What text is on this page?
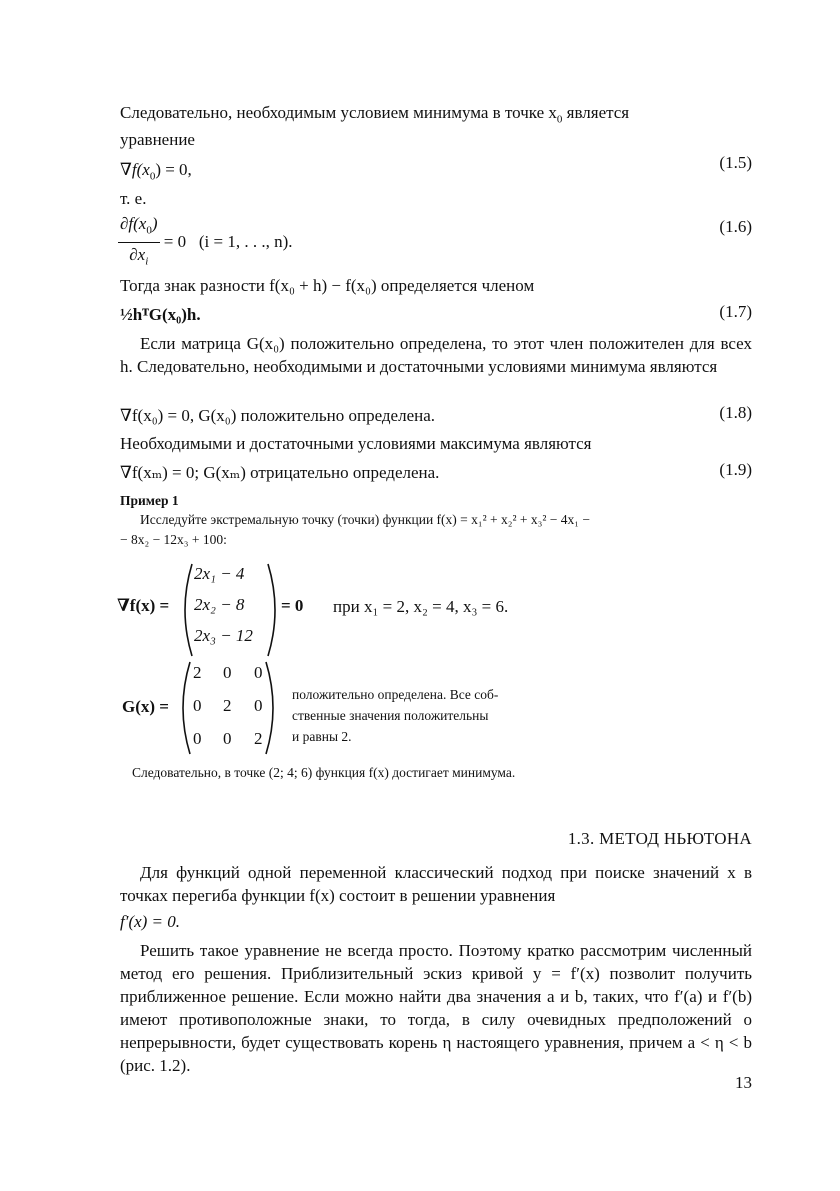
Следовательно, необходимым условием минимума в точке $x_0$ является
уравнение
$\nabla f(x_0) = 0$,	(1.5)
т. е.
$\frac{\partial f(x_0)}{\partial x_i} = 0$   (i = 1, . . ., n).
(1.6)
Тогда знак разности f(x₀ + h) − f(x₀) определяется членом
½hᵀG(x₀)h.	(1.7)
Если матрица G(x₀) положительно определена, то этот член положителен для всех h. Следовательно, необходимыми и достаточными условиями минимума являются
∇f(x₀) = 0, G(x₀) положительно определена.	(1.8)
Необходимыми и достаточными условиями максимума являются
∇f(xₘ) = 0; G(xₘ) отрицательно определена.	(1.9)
Пример 1
Исследуйте экстремальную точку (точки) функции f(x) = x₁² + x₂² + x₃² − 4x₁ −
− 8x₂ − 12x₃ + 100:
∇f(x) =
2x₁ − 4
2x₂ − 8
2x₃ − 12
= 0 при x₁ = 2, x₂ = 4, x₃ = 6.
G(x) =
2 0 0
0 2 0
0 0 2
положительно определена. Все соб-
ственные значения положительны
и равны 2.
Следовательно, в точке (2; 4; 6) функция f(x) достигает минимума.
1.3. МЕТОД НЬЮТОНА
Для функций одной переменной классический подход при поиске значений x в точках перегиба функции f(x) состоит в решении уравнения
f′(x) = 0.
Решить такое уравнение не всегда просто. Поэтому кратко рассмотрим численный метод его решения. Приблизительный эскиз кривой y = f′(x) позволит получить приближенное решение. Если можно найти два значения a и b, таких, что f′(a) и f′(b) имеют противоположные знаки, то тогда, в силу очевидных предположений о непрерывности, будет существовать корень η настоящего уравнения, причем a < η < b (рис. 1.2).
13
